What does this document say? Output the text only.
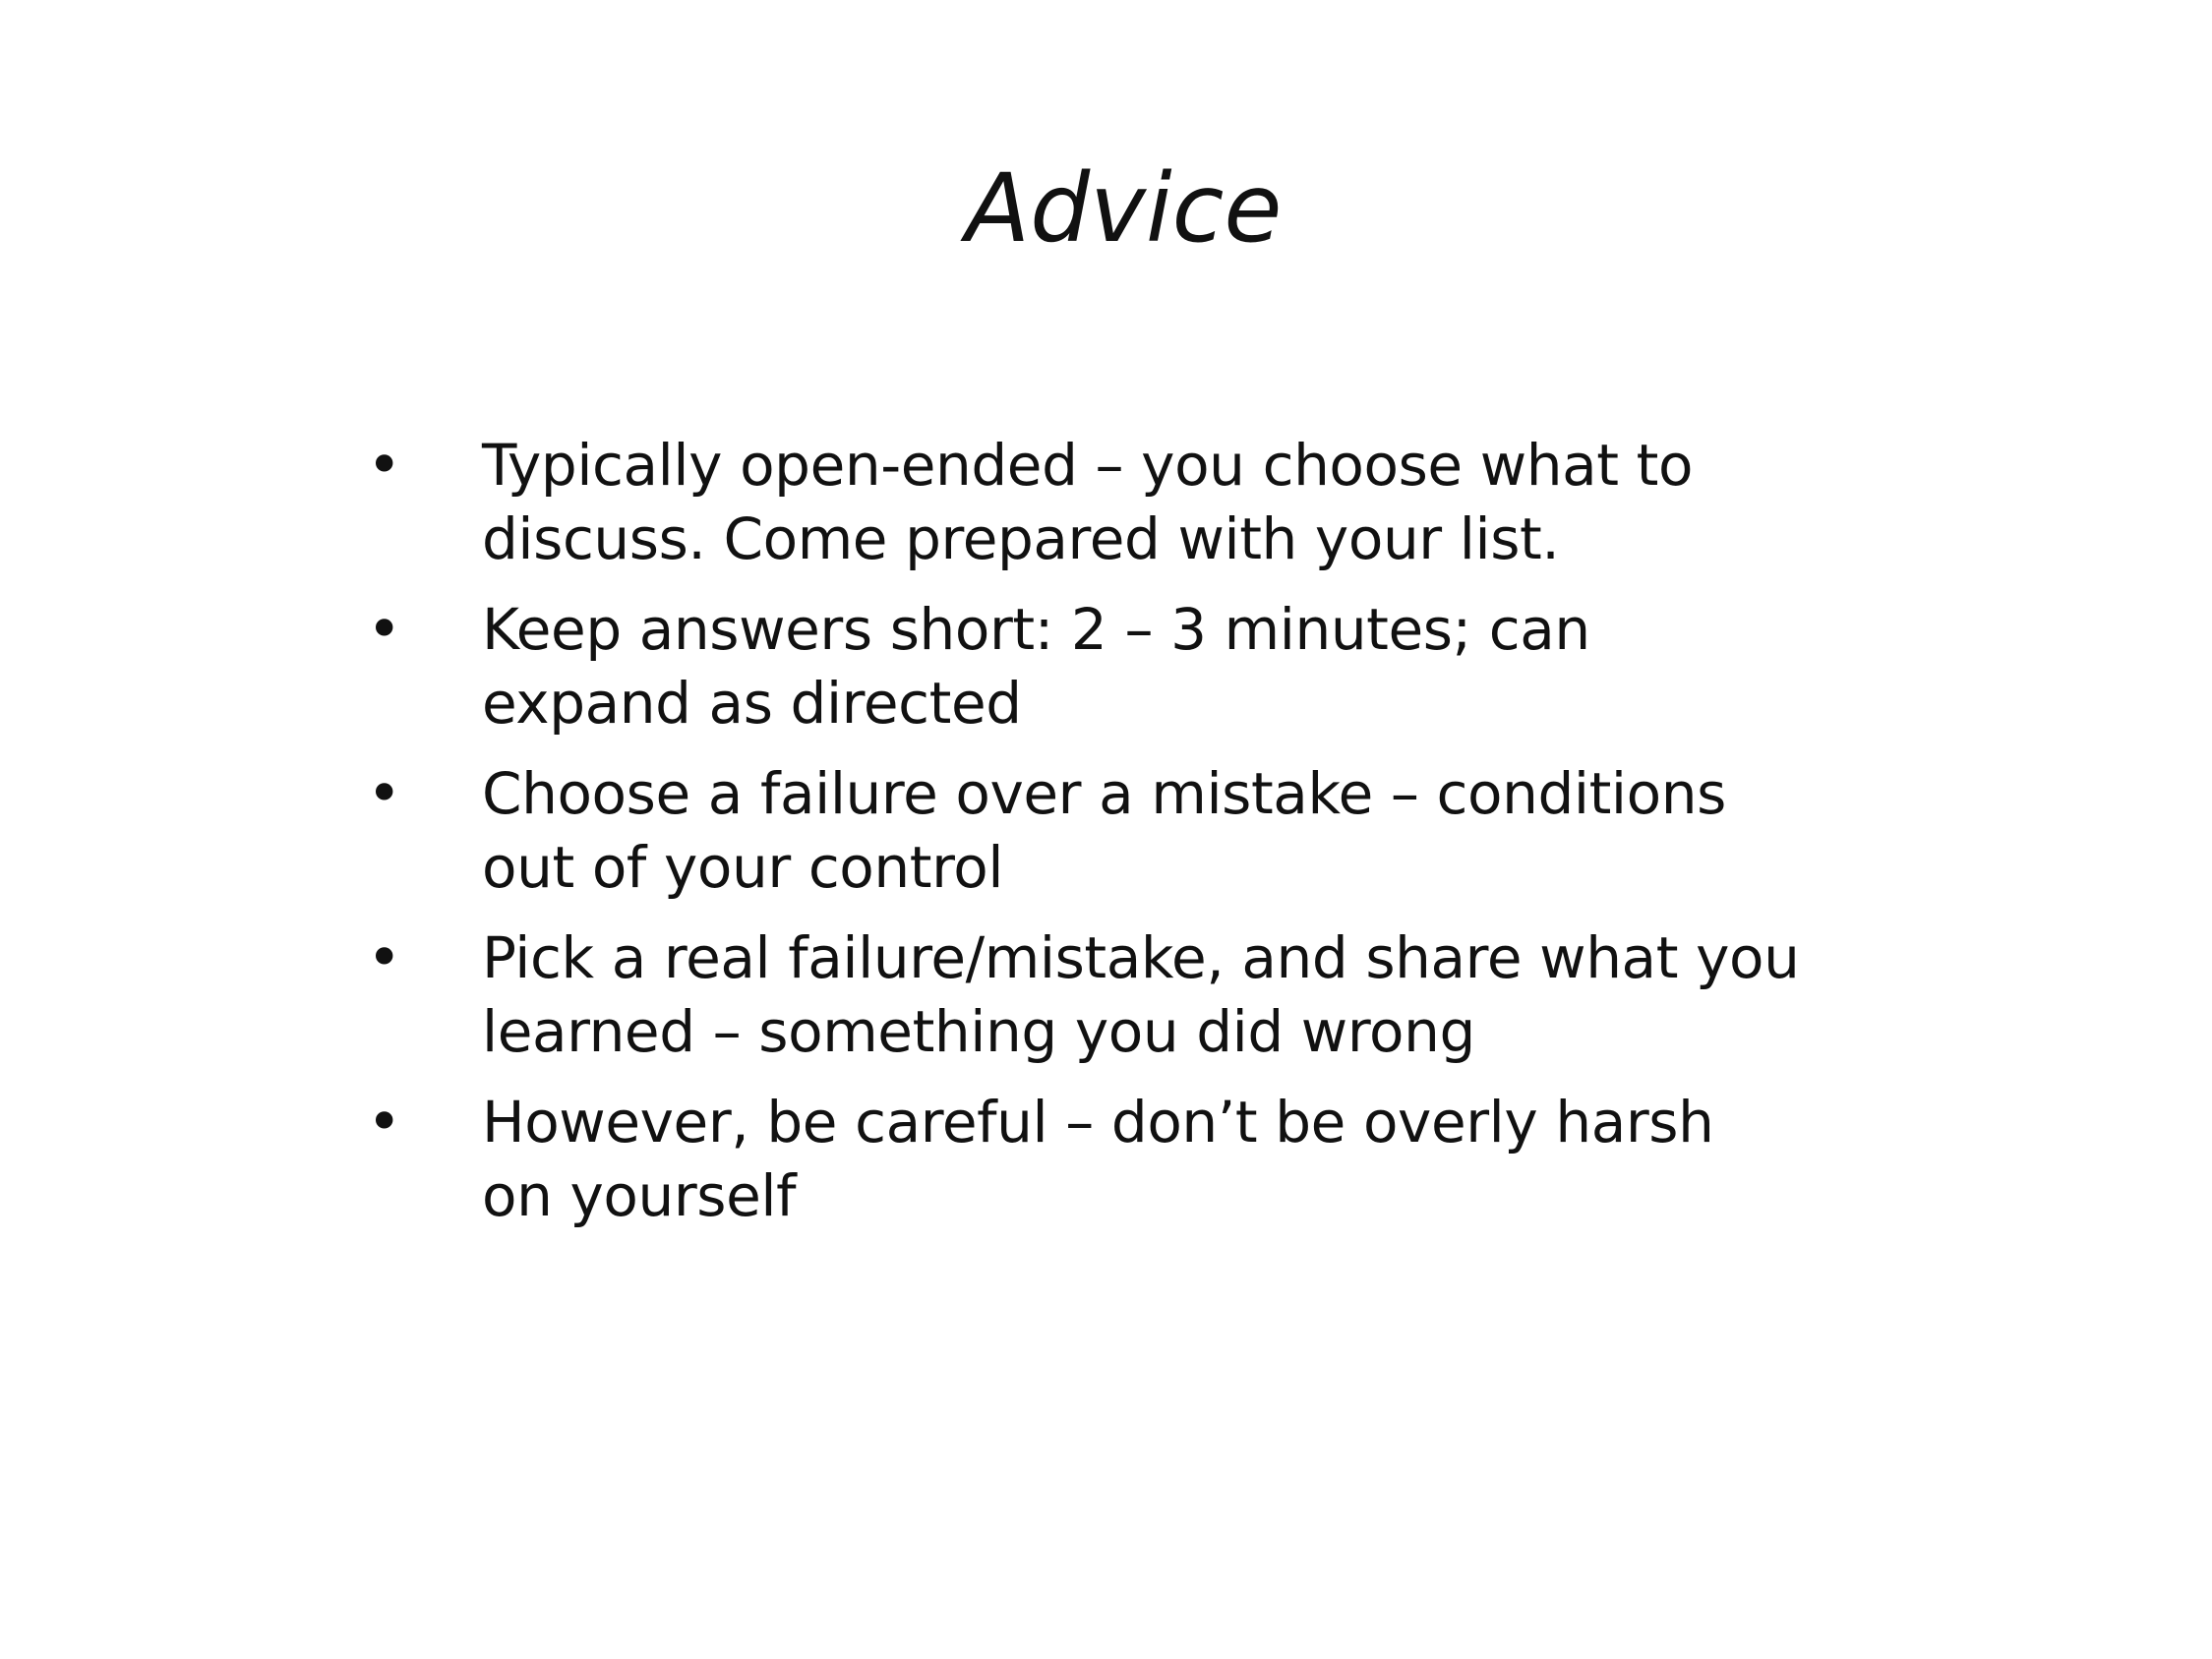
Advice
• Typically open-ended – you choose what to
discuss. Come prepared with your list.
• Keep answers short: 2 – 3 minutes; can
expand as directed
• Choose a failure over a mistake – conditions
out of your control
• Pick a real failure/mistake, and share what you
learned – something you did wrong
• However, be careful – don’t be overly harsh
on yourself
